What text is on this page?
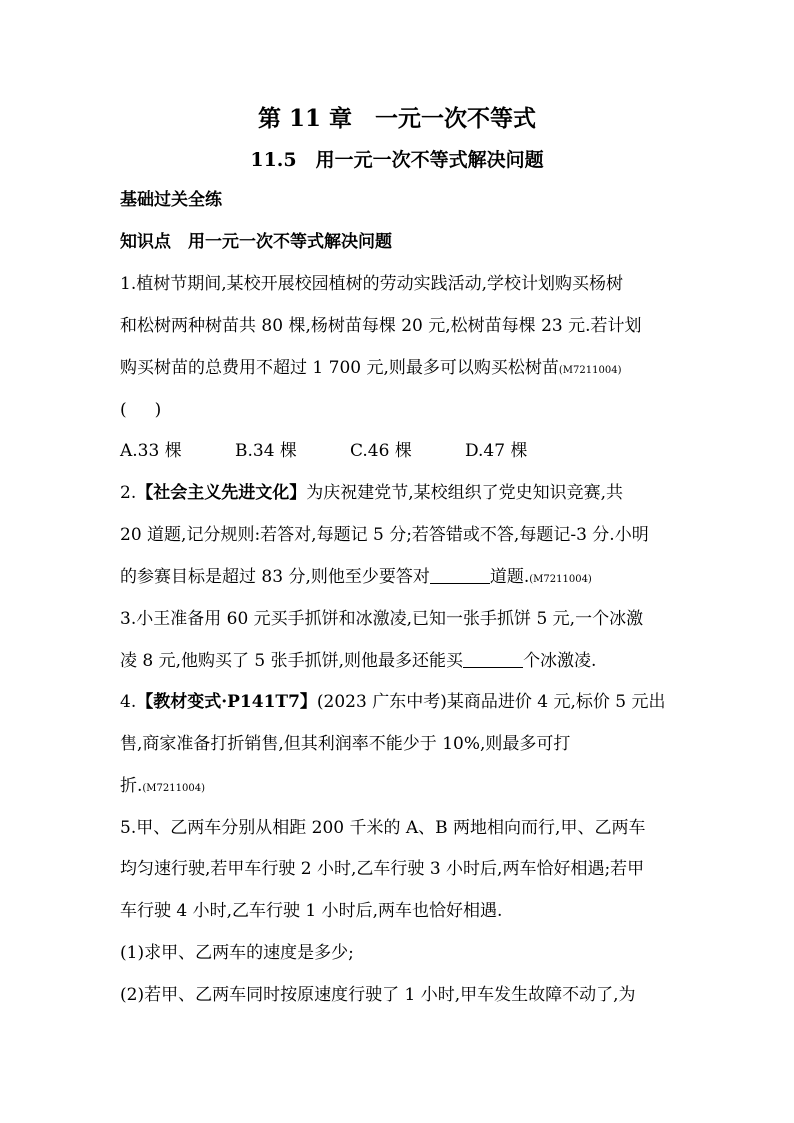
第 11 章　一元一次不等式
11.5　用一元一次不等式解决问题
基础过关全练
知识点　用一元一次不等式解决问题
1.植树节期间,某校开展校园植树的劳动实践活动,学校计划购买杨树
和松树两种树苗共 80 棵,杨树苗每棵 20 元,松树苗每棵 23 元.若计划
购买树苗的总费用不超过 1 700 元,则最多可以购买松树苗(M7211004)
( )
A.33 棵	B.34 棵	C.46 棵	D.47 棵
2.【社会主义先进文化】为庆祝建党节,某校组织了党史知识竞赛,共
20 道题,记分规则:若答对,每题记 5 分;若答错或不答,每题记-3 分.小明
的参赛目标是超过 83 分,则他至少要答对	道题.(M7211004)
3.小王准备用 60 元买手抓饼和冰激凌,已知一张手抓饼 5 元,一个冰激
凌 8 元,他购买了 5 张手抓饼,则他最多还能买	个冰激凌.
4.【教材变式·P141T7】(2023 广东中考)某商品进价 4 元,标价 5 元出
售,商家准备打折销售,但其利润率不能少于 10%,则最多可打
折.(M7211004)
5.甲、乙两车分别从相距 200 千米的 A、B 两地相向而行,甲、乙两车
均匀速行驶,若甲车行驶 2 小时,乙车行驶 3 小时后,两车恰好相遇;若甲
车行驶 4 小时,乙车行驶 1 小时后,两车也恰好相遇.
(1)求甲、乙两车的速度是多少;
(2)若甲、乙两车同时按原速度行驶了 1 小时,甲车发生故障不动了,为
